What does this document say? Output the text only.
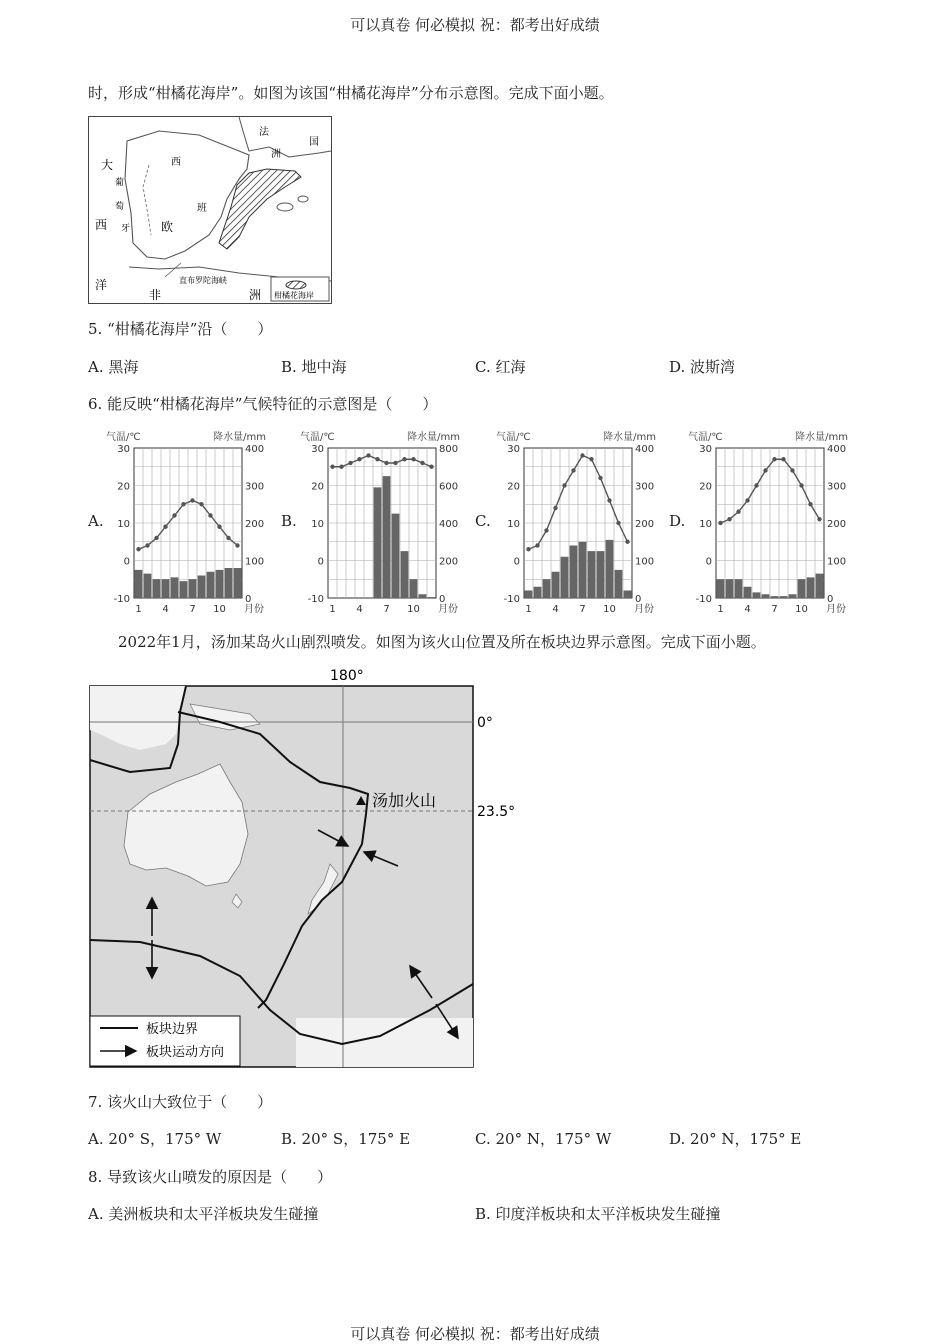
可以真卷 何必模拟 祝：都考出好成绩
时，形成“柑橘花海岸”。如图为该国“柑橘花海岸”分布示意图。完成下面小题。
法
国
洲
大	西
葡
萄	班
西 牙	欧
直布罗陀海峡
洋
非	洲 柑橘花海岸
5. “柑橘花海岸”沿（　　）
A. 黑海	B. 地中海	C. 红海	D. 波斯湾
6. 能反映“柑橘花海岸”气候特征的示意图是（　　）
A.	B.	C.	D.
气温/℃	降水量/mm
30
20
10
0
-10
400
300
200
100
0
1 4 7 10 月份
气温/℃	降水量/mm
30
20
10
0
-10
800
600
400
200
0
1 4 7 10 月份
气温/℃	降水量/mm
30
20
10
0
-10
400
300
200
100
0
1 4 7 10 月份
气温/℃	降水量/mm
30
20
10
0
-10
400
300
200
100
0
1 4 7 10 月份
2022年1月，汤加某岛火山剧烈喷发。如图为该火山位置及所在板块边界示意图。完成下面小题。
汤加火山
180°
0°
23.5°
板块边界
板块运动方向
7. 该火山大致位于（　　）
A. 20° S，175° W	B. 20° S，175° E	C. 20° N，175° W	D. 20° N，175° E
8. 导致该火山喷发的原因是（　　）
A. 美洲板块和太平洋板块发生碰撞	B. 印度洋板块和太平洋板块发生碰撞
可以真卷 何必模拟 祝：都考出好成绩
